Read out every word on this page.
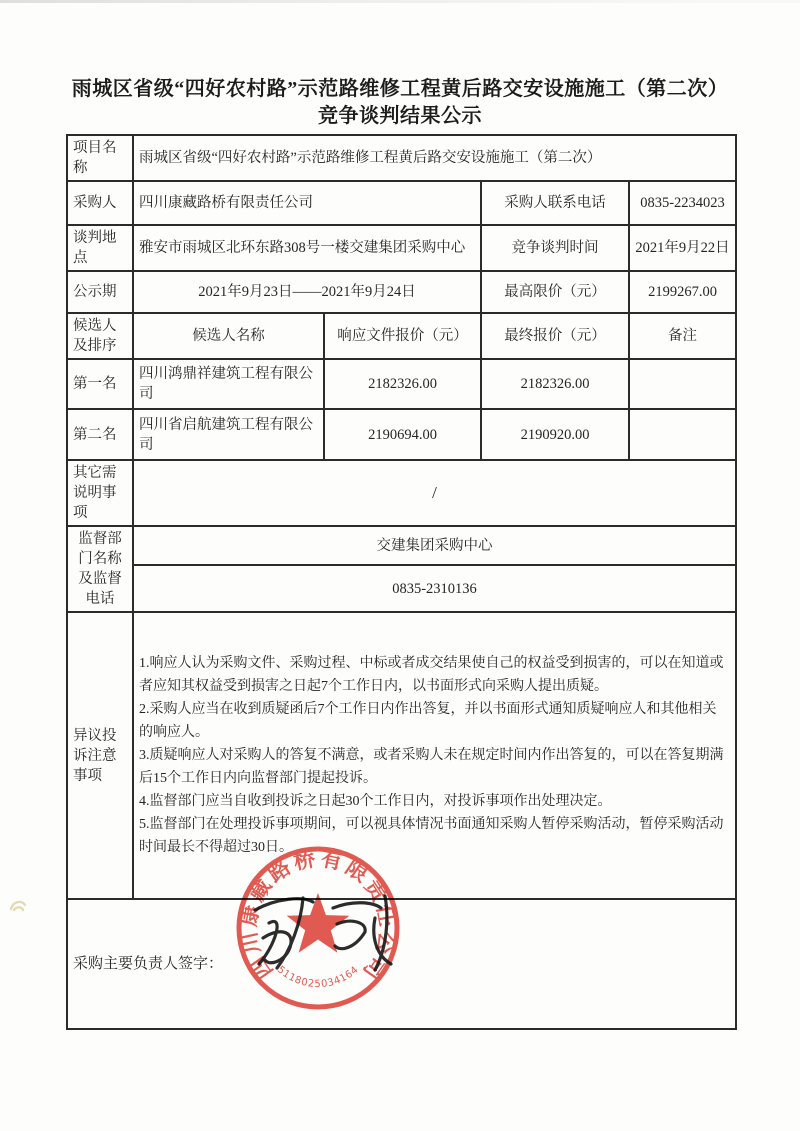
雨城区省级“四好农村路”示范路维修工程黄后路交安设施施工（第二次）
竞争谈判结果公示
项目名称	雨城区省级“四好农村路”示范路维修工程黄后路交安设施施工（第二次）			
采购人	四川康藏路桥有限责任公司		采购人联系电话	0835-2234023
谈判地点	雅安市雨城区北环东路308号一楼交建集团采购中心		竞争谈判时间	2021年9月22日
公示期	2021年9月23日——2021年9月24日		最高限价（元）	2199267.00
候选人及排序	候选人名称	响应文件报价（元）	最终报价（元）	备注
第一名	四川鸿鼎祥建筑工程有限公司	2182326.00	2182326.00	
第二名	四川省启航建筑工程有限公司	2190694.00	2190920.00	
其它需说明事项	/			
监督部门名称及监督电话	交建集团采购中心			
	0835-2310136			
异议投诉注意事项	1.响应人认为采购文件、采购过程、中标或者成交结果使自己的权益受到损害的，可以在知道或者应知其权益受到损害之日起7个工作日内，以书面形式向采购人提出质疑。
2.采购人应当在收到质疑函后7个工作日内作出答复，并以书面形式通知质疑响应人和其他相关的响应人。
3.质疑响应人对采购人的答复不满意，或者采购人未在规定时间内作出答复的，可以在答复期满后15个工作日内向监督部门提起投诉。
4.监督部门应当自收到投诉之日起30个工作日内，对投诉事项作出处理决定。
5.监督部门在处理投诉事项期间，可以视具体情况书面通知采购人暂停采购活动，暂停采购活动时间最长不得超过30日。			

采购主要负责人签字：					四川康藏路桥有限责任公司
5118025034164
